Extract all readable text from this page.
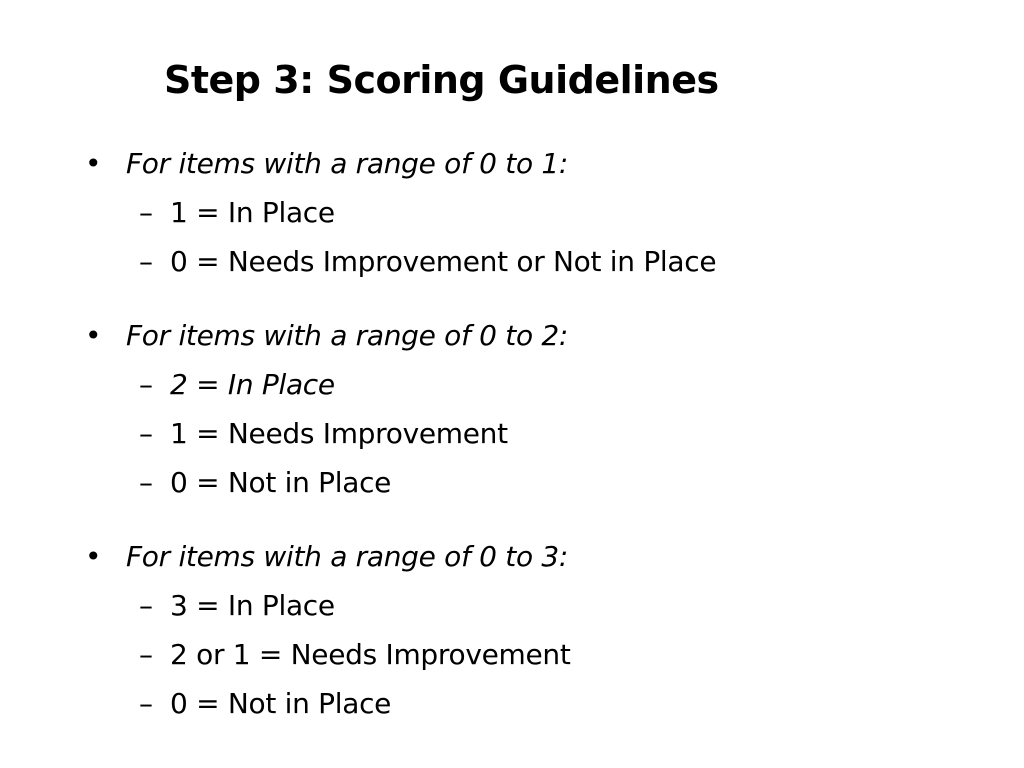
Step 3: Scoring Guidelines
• For items with a range of 0 to 1:
– 1 = In Place
– 0 = Needs Improvement or Not in Place
• For items with a range of 0 to 2:
– 2 = In Place
– 1 = Needs Improvement
– 0 = Not in Place
• For items with a range of 0 to 3:
– 3 = In Place
– 2 or 1 = Needs Improvement
– 0 = Not in Place
